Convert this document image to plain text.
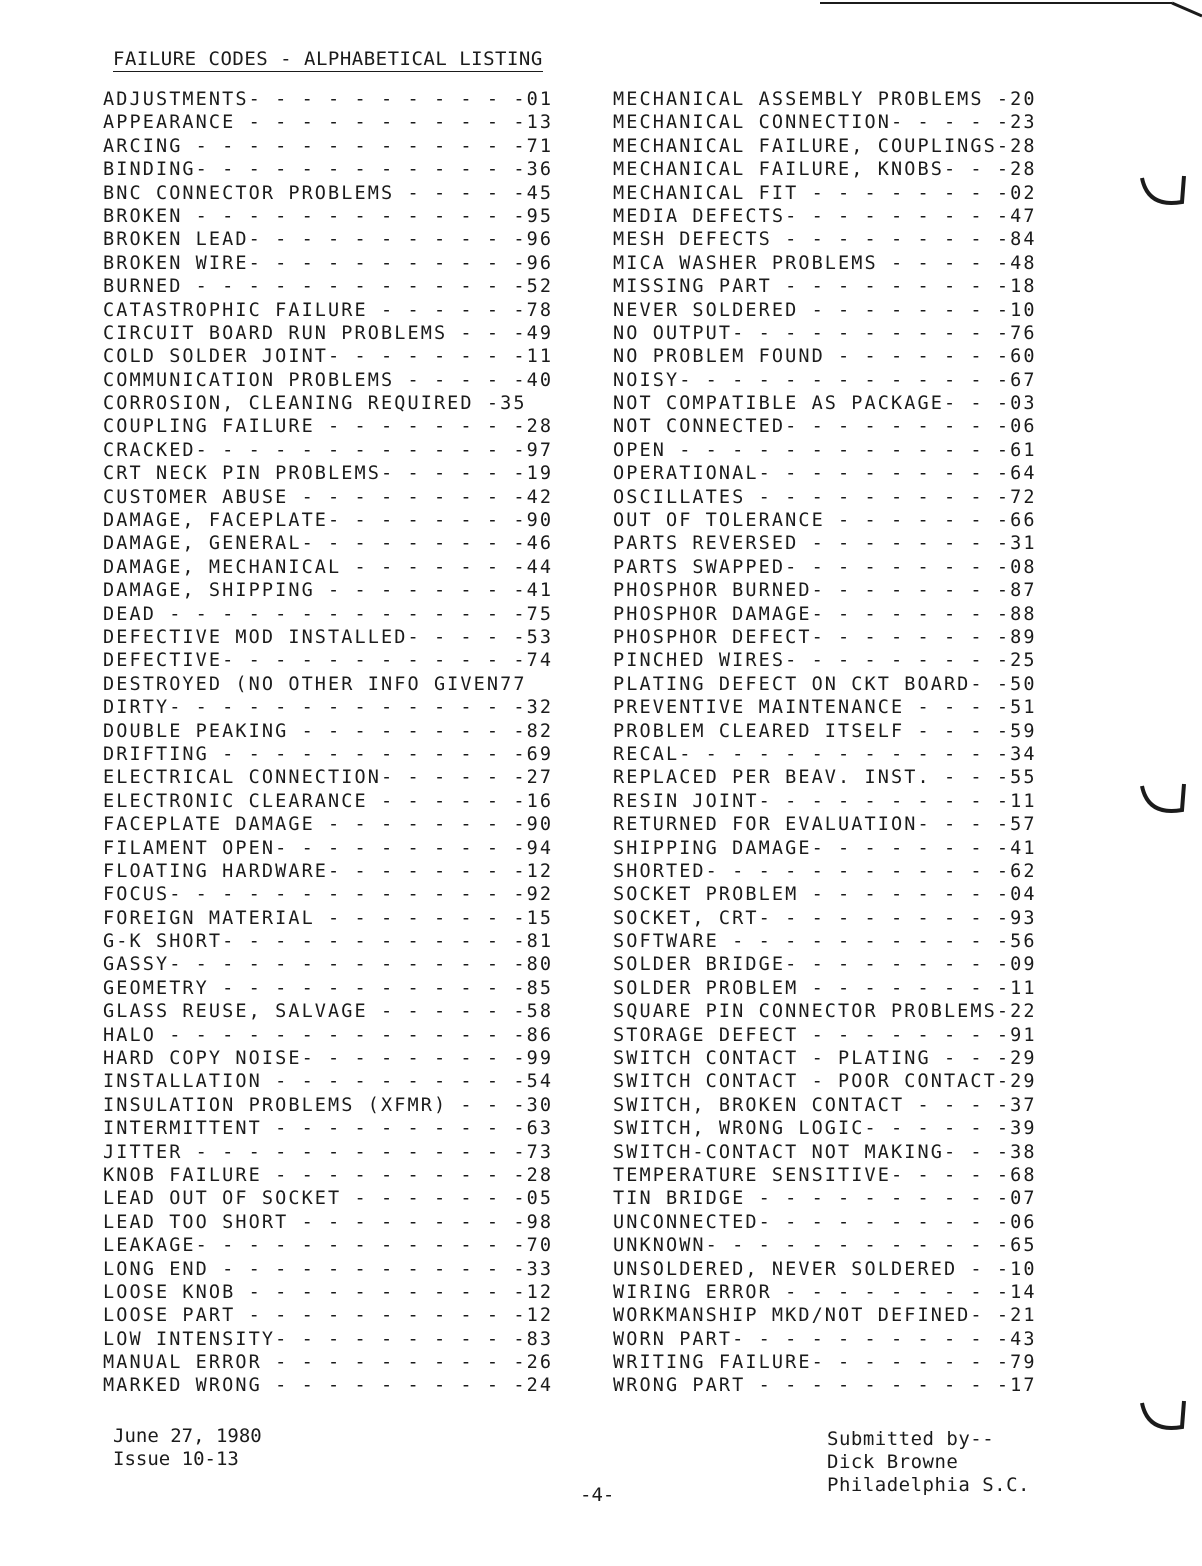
FAILURE CODES - ALPHABETICAL LISTING
ADJUSTMENTS- - - - - - - - - - -01
APPEARANCE - - - - - - - - - - -13
ARCING - - - - - - - - - - - - -71
BINDING- - - - - - - - - - - - -36
BNC CONNECTOR PROBLEMS - - - - -45
BROKEN - - - - - - - - - - - - -95
BROKEN LEAD- - - - - - - - - - -96
BROKEN WIRE- - - - - - - - - - -96
BURNED - - - - - - - - - - - - -52
CATASTROPHIC FAILURE - - - - - -78
CIRCUIT BOARD RUN PROBLEMS - - -49
COLD SOLDER JOINT- - - - - - - -11
COMMUNICATION PROBLEMS - - - - -40
CORROSION, CLEANING REQUIRED -35
COUPLING FAILURE - - - - - - - -28
CRACKED- - - - - - - - - - - - -97
CRT NECK PIN PROBLEMS- - - - - -19
CUSTOMER ABUSE - - - - - - - - -42
DAMAGE, FACEPLATE- - - - - - - -90
DAMAGE, GENERAL- - - - - - - - -46
DAMAGE, MECHANICAL - - - - - - -44
DAMAGE, SHIPPING - - - - - - - -41
DEAD - - - - - - - - - - - - - -75
DEFECTIVE MOD INSTALLED- - - - -53
DEFECTIVE- - - - - - - - - - - -74
DESTROYED (NO OTHER INFO GIVEN77
DIRTY- - - - - - - - - - - - - -32
DOUBLE PEAKING - - - - - - - - -82
DRIFTING - - - - - - - - - - - -69
ELECTRICAL CONNECTION- - - - - -27
ELECTRONIC CLEARANCE - - - - - -16
FACEPLATE DAMAGE - - - - - - - -90
FILAMENT OPEN- - - - - - - - - -94
FLOATING HARDWARE- - - - - - - -12
FOCUS- - - - - - - - - - - - - -92
FOREIGN MATERIAL - - - - - - - -15
G-K SHORT- - - - - - - - - - - -81
GASSY- - - - - - - - - - - - - -80
GEOMETRY - - - - - - - - - - - -85
GLASS REUSE, SALVAGE - - - - - -58
HALO - - - - - - - - - - - - - -86
HARD COPY NOISE- - - - - - - - -99
INSTALLATION - - - - - - - - - -54
INSULATION PROBLEMS (XFMR) - - -30
INTERMITTENT - - - - - - - - - -63
JITTER - - - - - - - - - - - - -73
KNOB FAILURE - - - - - - - - - -28
LEAD OUT OF SOCKET - - - - - - -05
LEAD TOO SHORT - - - - - - - - -98
LEAKAGE- - - - - - - - - - - - -70
LONG END - - - - - - - - - - - -33
LOOSE KNOB - - - - - - - - - - -12
LOOSE PART - - - - - - - - - - -12
LOW INTENSITY- - - - - - - - - -83
MANUAL ERROR - - - - - - - - - -26
MARKED WRONG - - - - - - - - - -24
MECHANICAL ASSEMBLY PROBLEMS -20
MECHANICAL CONNECTION- - - - -23
MECHANICAL FAILURE, COUPLINGS-28
MECHANICAL FAILURE, KNOBS- - -28
MECHANICAL FIT - - - - - - - -02
MEDIA DEFECTS- - - - - - - - -47
MESH DEFECTS - - - - - - - - -84
MICA WASHER PROBLEMS - - - - -48
MISSING PART - - - - - - - - -18
NEVER SOLDERED - - - - - - - -10
NO OUTPUT- - - - - - - - - - -76
NO PROBLEM FOUND - - - - - - -60
NOISY- - - - - - - - - - - - -67
NOT COMPATIBLE AS PACKAGE- - -03
NOT CONNECTED- - - - - - - - -06
OPEN - - - - - - - - - - - - -61
OPERATIONAL- - - - - - - - - -64
OSCILLATES - - - - - - - - - -72
OUT OF TOLERANCE - - - - - - -66
PARTS REVERSED - - - - - - - -31
PARTS SWAPPED- - - - - - - - -08
PHOSPHOR BURNED- - - - - - - -87
PHOSPHOR DAMAGE- - - - - - - -88
PHOSPHOR DEFECT- - - - - - - -89
PINCHED WIRES- - - - - - - - -25
PLATING DEFECT ON CKT BOARD- -50
PREVENTIVE MAINTENANCE - - - -51
PROBLEM CLEARED ITSELF - - - -59
RECAL- - - - - - - - - - - - -34
REPLACED PER BEAV. INST. - - -55
RESIN JOINT- - - - - - - - - -11
RETURNED FOR EVALUATION- - - -57
SHIPPING DAMAGE- - - - - - - -41
SHORTED- - - - - - - - - - - -62
SOCKET PROBLEM - - - - - - - -04
SOCKET, CRT- - - - - - - - - -93
SOFTWARE - - - - - - - - - - -56
SOLDER BRIDGE- - - - - - - - -09
SOLDER PROBLEM - - - - - - - -11
SQUARE PIN CONNECTOR PROBLEMS-22
STORAGE DEFECT - - - - - - - -91
SWITCH CONTACT - PLATING - - -29
SWITCH CONTACT - POOR CONTACT-29
SWITCH, BROKEN CONTACT - - - -37
SWITCH, WRONG LOGIC- - - - - -39
SWITCH-CONTACT NOT MAKING- - -38
TEMPERATURE SENSITIVE- - - - -68
TIN BRIDGE - - - - - - - - - -07
UNCONNECTED- - - - - - - - - -06
UNKNOWN- - - - - - - - - - - -65
UNSOLDERED, NEVER SOLDERED - -10
WIRING ERROR - - - - - - - - -14
WORKMANSHIP MKD/NOT DEFINED- -21
WORN PART- - - - - - - - - - -43
WRITING FAILURE- - - - - - - -79
WRONG PART - - - - - - - - - -17
June 27, 1980
Issue 10-13
-4-
Submitted by--
Dick Browne
Philadelphia S.C.
